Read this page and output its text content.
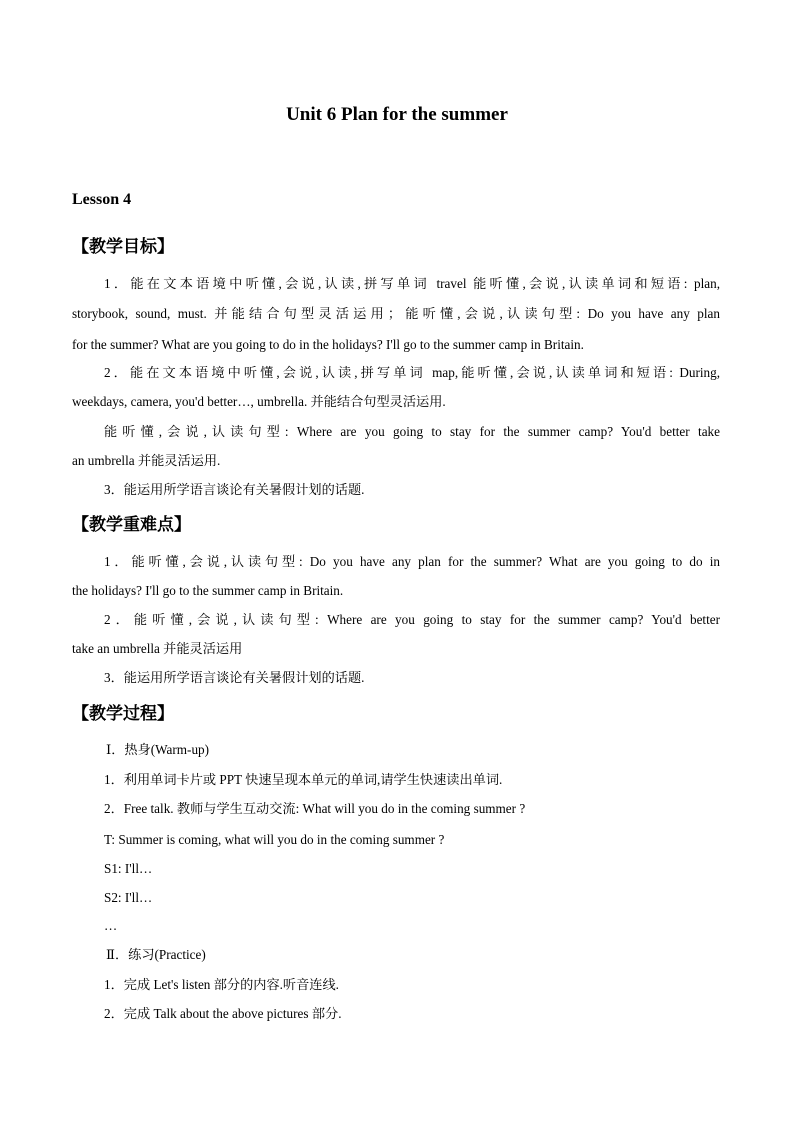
Unit 6 Plan for the summer
Lesson 4
【教学目标】
1．能在文本语境中听懂,会说,认读,拼写单词 travel 能听懂,会说,认读单词和短语: plan,
storybook, sound, must. 并能结合句型灵活运用；能听懂,会说,认读句型: Do you have any plan
for the summer? What are you going to do in the holidays? I'll go to the summer camp in Britain.
2．能在文本语境中听懂,会说,认读,拼写单词 map,能听懂,会说,认读单词和短语: During,
weekdays, camera, you'd better…, umbrella. 并能结合句型灵活运用.
能听懂,会说,认读句型: Where are you going to stay for the summer camp? You'd better take
an umbrella 并能灵活运用.
3．能运用所学语言谈论有关暑假计划的话题.
【教学重难点】
1．能听懂,会说,认读句型: Do you have any plan for the summer? What are you going to do in
the holidays? I'll go to the summer camp in Britain.
2．能听懂,会说,认读句型: Where are you going to stay for the summer camp? You'd better
take an umbrella 并能灵活运用
3．能运用所学语言谈论有关暑假计划的话题.
【教学过程】
Ⅰ．热身(Warm-up)
1．利用单词卡片或 PPT 快速呈现本单元的单词,请学生快速读出单词.
2．Free talk. 教师与学生互动交流: What will you do in the coming summer ?
T: Summer is coming, what will you do in the coming summer ?
S1: I'll…
S2: I'll…
…
Ⅱ．练习(Practice)
1．完成 Let's listen 部分的内容.听音连线.
2．完成 Talk about the above pictures 部分.
